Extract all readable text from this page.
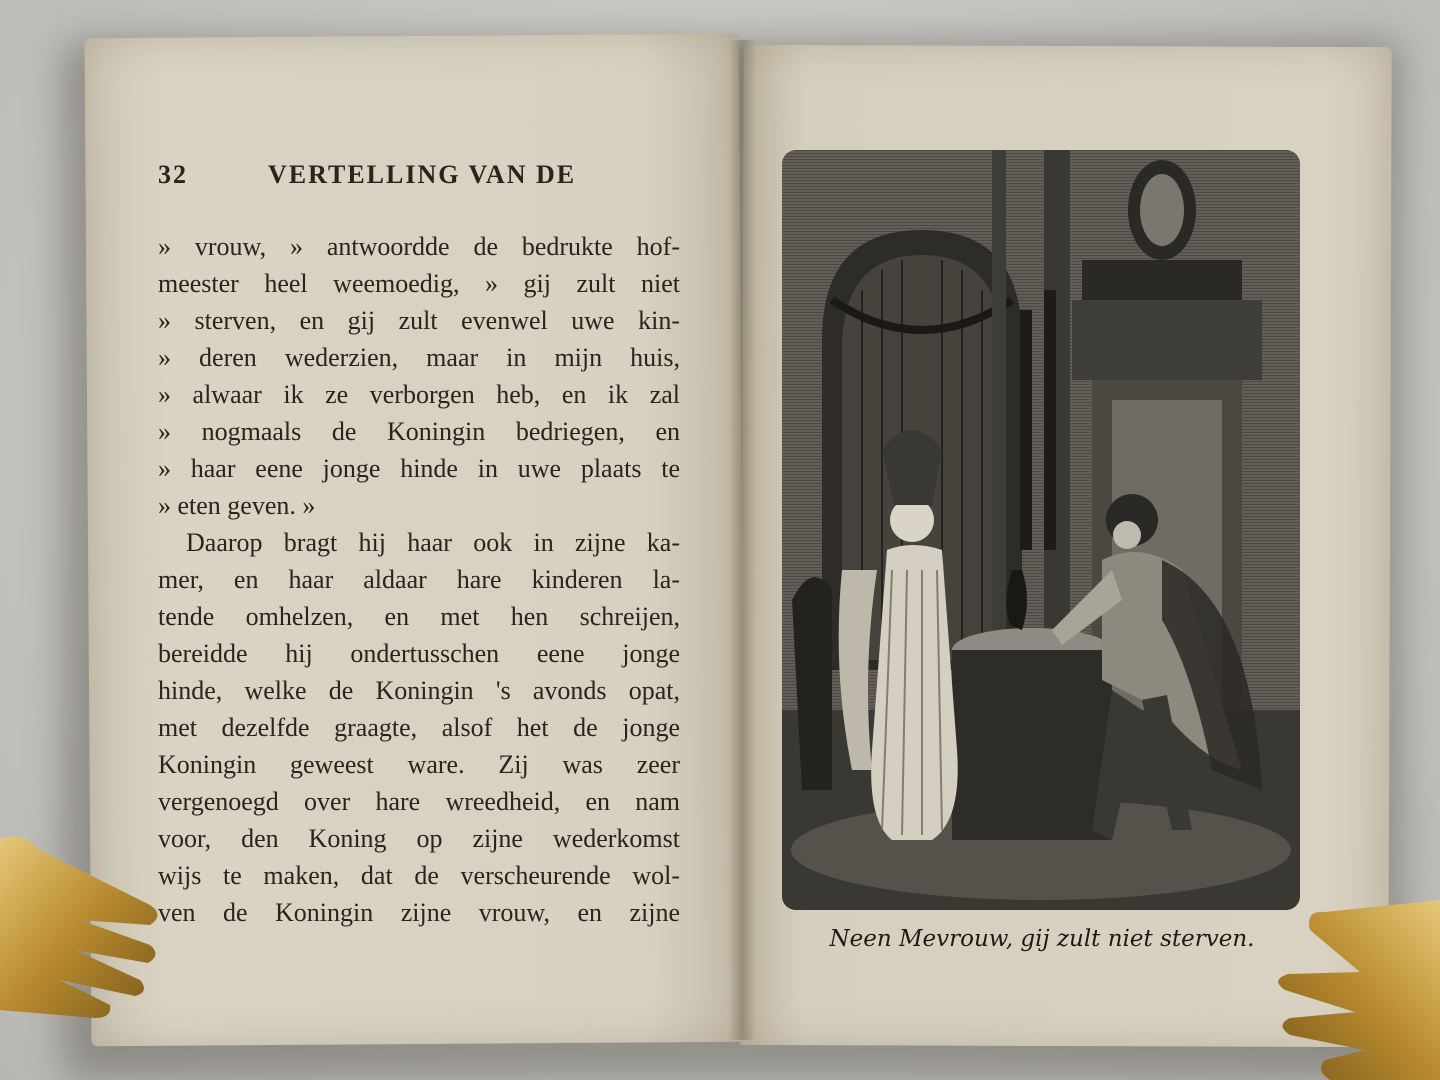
32	VERTELLING VAN DE
» vrouw, » antwoordde de bedrukte hof-
meester heel weemoedig, » gij zult niet
» sterven, en gij zult evenwel uwe kin-
» deren wederzien, maar in mijn huis,
» alwaar ik ze verborgen heb, en ik zal
» nogmaals de Koningin bedriegen, en
» haar eene jonge hinde in uwe plaats te
» eten geven. »
Daarop bragt hij haar ook in zijne ka-
mer, en haar aldaar hare kinderen la-
tende omhelzen, en met hen schreijen,
bereidde hij ondertusschen eene jonge
hinde, welke de Koningin 's avonds opat,
met dezelfde graagte, alsof het de jonge
Koningin geweest ware. Zij was zeer
vergenoegd over hare wreedheid, en nam
voor, den Koning op zijne wederkomst
wijs te maken, dat de verscheurende wol-
ven de Koningin zijne vrouw, en zijne
Neen Mevrouw, gij zult niet sterven.
